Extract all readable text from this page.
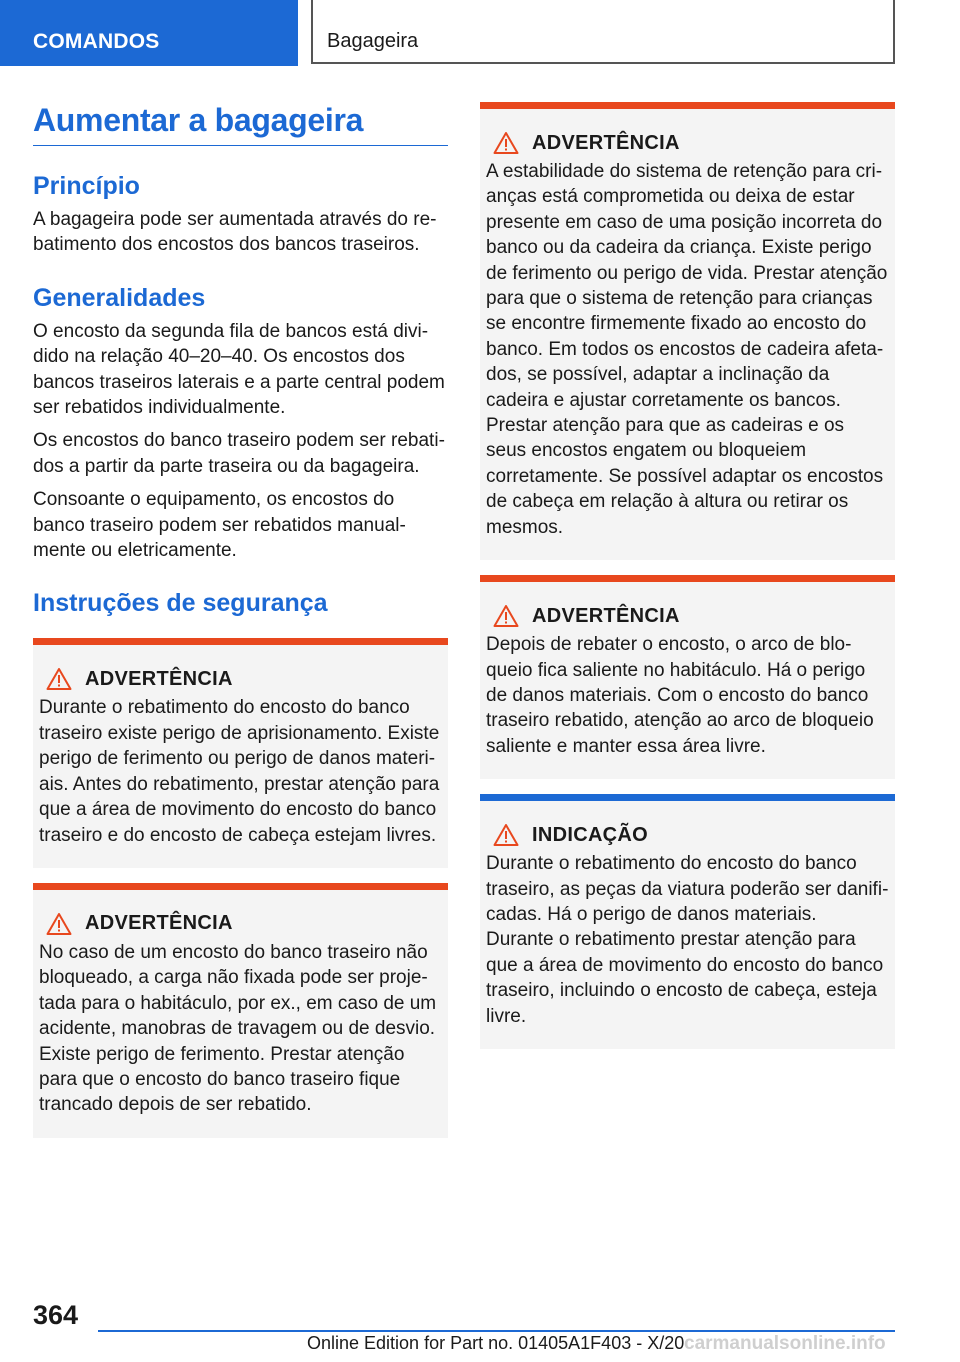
COMANDOS	Bagageira
Aumentar a bagageira
Princípio

A bagageira pode ser aumentada através do rebatimento dos encostos dos bancos traseiros.

Generalidades

O encosto da segunda fila de bancos está dividido na relação 40–20–40. Os encostos dos bancos traseiros laterais e a parte central podem ser rebatidos individualmente.

Os encostos do banco traseiro podem ser rebatidos a partir da parte traseira ou da bagageira.

Consoante o equipamento, os encostos do banco traseiro podem ser rebatidos manualmente ou eletricamente.

Instruções de segurança
ADVERTÊNCIA

Durante o rebatimento do encosto do banco traseiro existe perigo de aprisionamento. Existe perigo de ferimento ou perigo de danos materiais. Antes do rebatimento, prestar atenção para que a área de movimento do encosto do banco traseiro e do encosto de cabeça estejam livres.

ADVERTÊNCIA

No caso de um encosto do banco traseiro não bloqueado, a carga não fixada pode ser projetada para o habitáculo, por ex., em caso de um acidente, manobras de travagem ou de desvio. Existe perigo de ferimento. Prestar atenção para que o encosto do banco traseiro fique trancado depois de ser rebatido.

ADVERTÊNCIA

A estabilidade do sistema de retenção para crianças está comprometida ou deixa de estar presente em caso de uma posição incorreta do banco ou da cadeira da criança. Existe perigo de ferimento ou perigo de vida. Prestar atenção para que o sistema de retenção para crianças se encontre firmemente fixado ao encosto do banco. Em todos os encostos de cadeira afetados, se possível, adaptar a inclinação da cadeira e ajustar corretamente os bancos. Prestar atenção para que as cadeiras e os seus encostos engatem ou bloqueiem corretamente. Se possível adaptar os encostos de cabeça em relação à altura ou retirar os mesmos.

ADVERTÊNCIA

Depois de rebater o encosto, o arco de bloqueio fica saliente no habitáculo. Há o perigo de danos materiais. Com o encosto do banco traseiro rebatido, atenção ao arco de bloqueio saliente e manter essa área livre.

INDICAÇÃO

Durante o rebatimento do encosto do banco traseiro, as peças da viatura poderão ser danificadas. Há o perigo de danos materiais. Durante o rebatimento prestar atenção para que a área de movimento do encosto do banco traseiro, incluindo o encosto de cabeça, esteja livre.

364
Online Edition for Part no. 01405A1F403 - X/20 carmanualsonline.info
